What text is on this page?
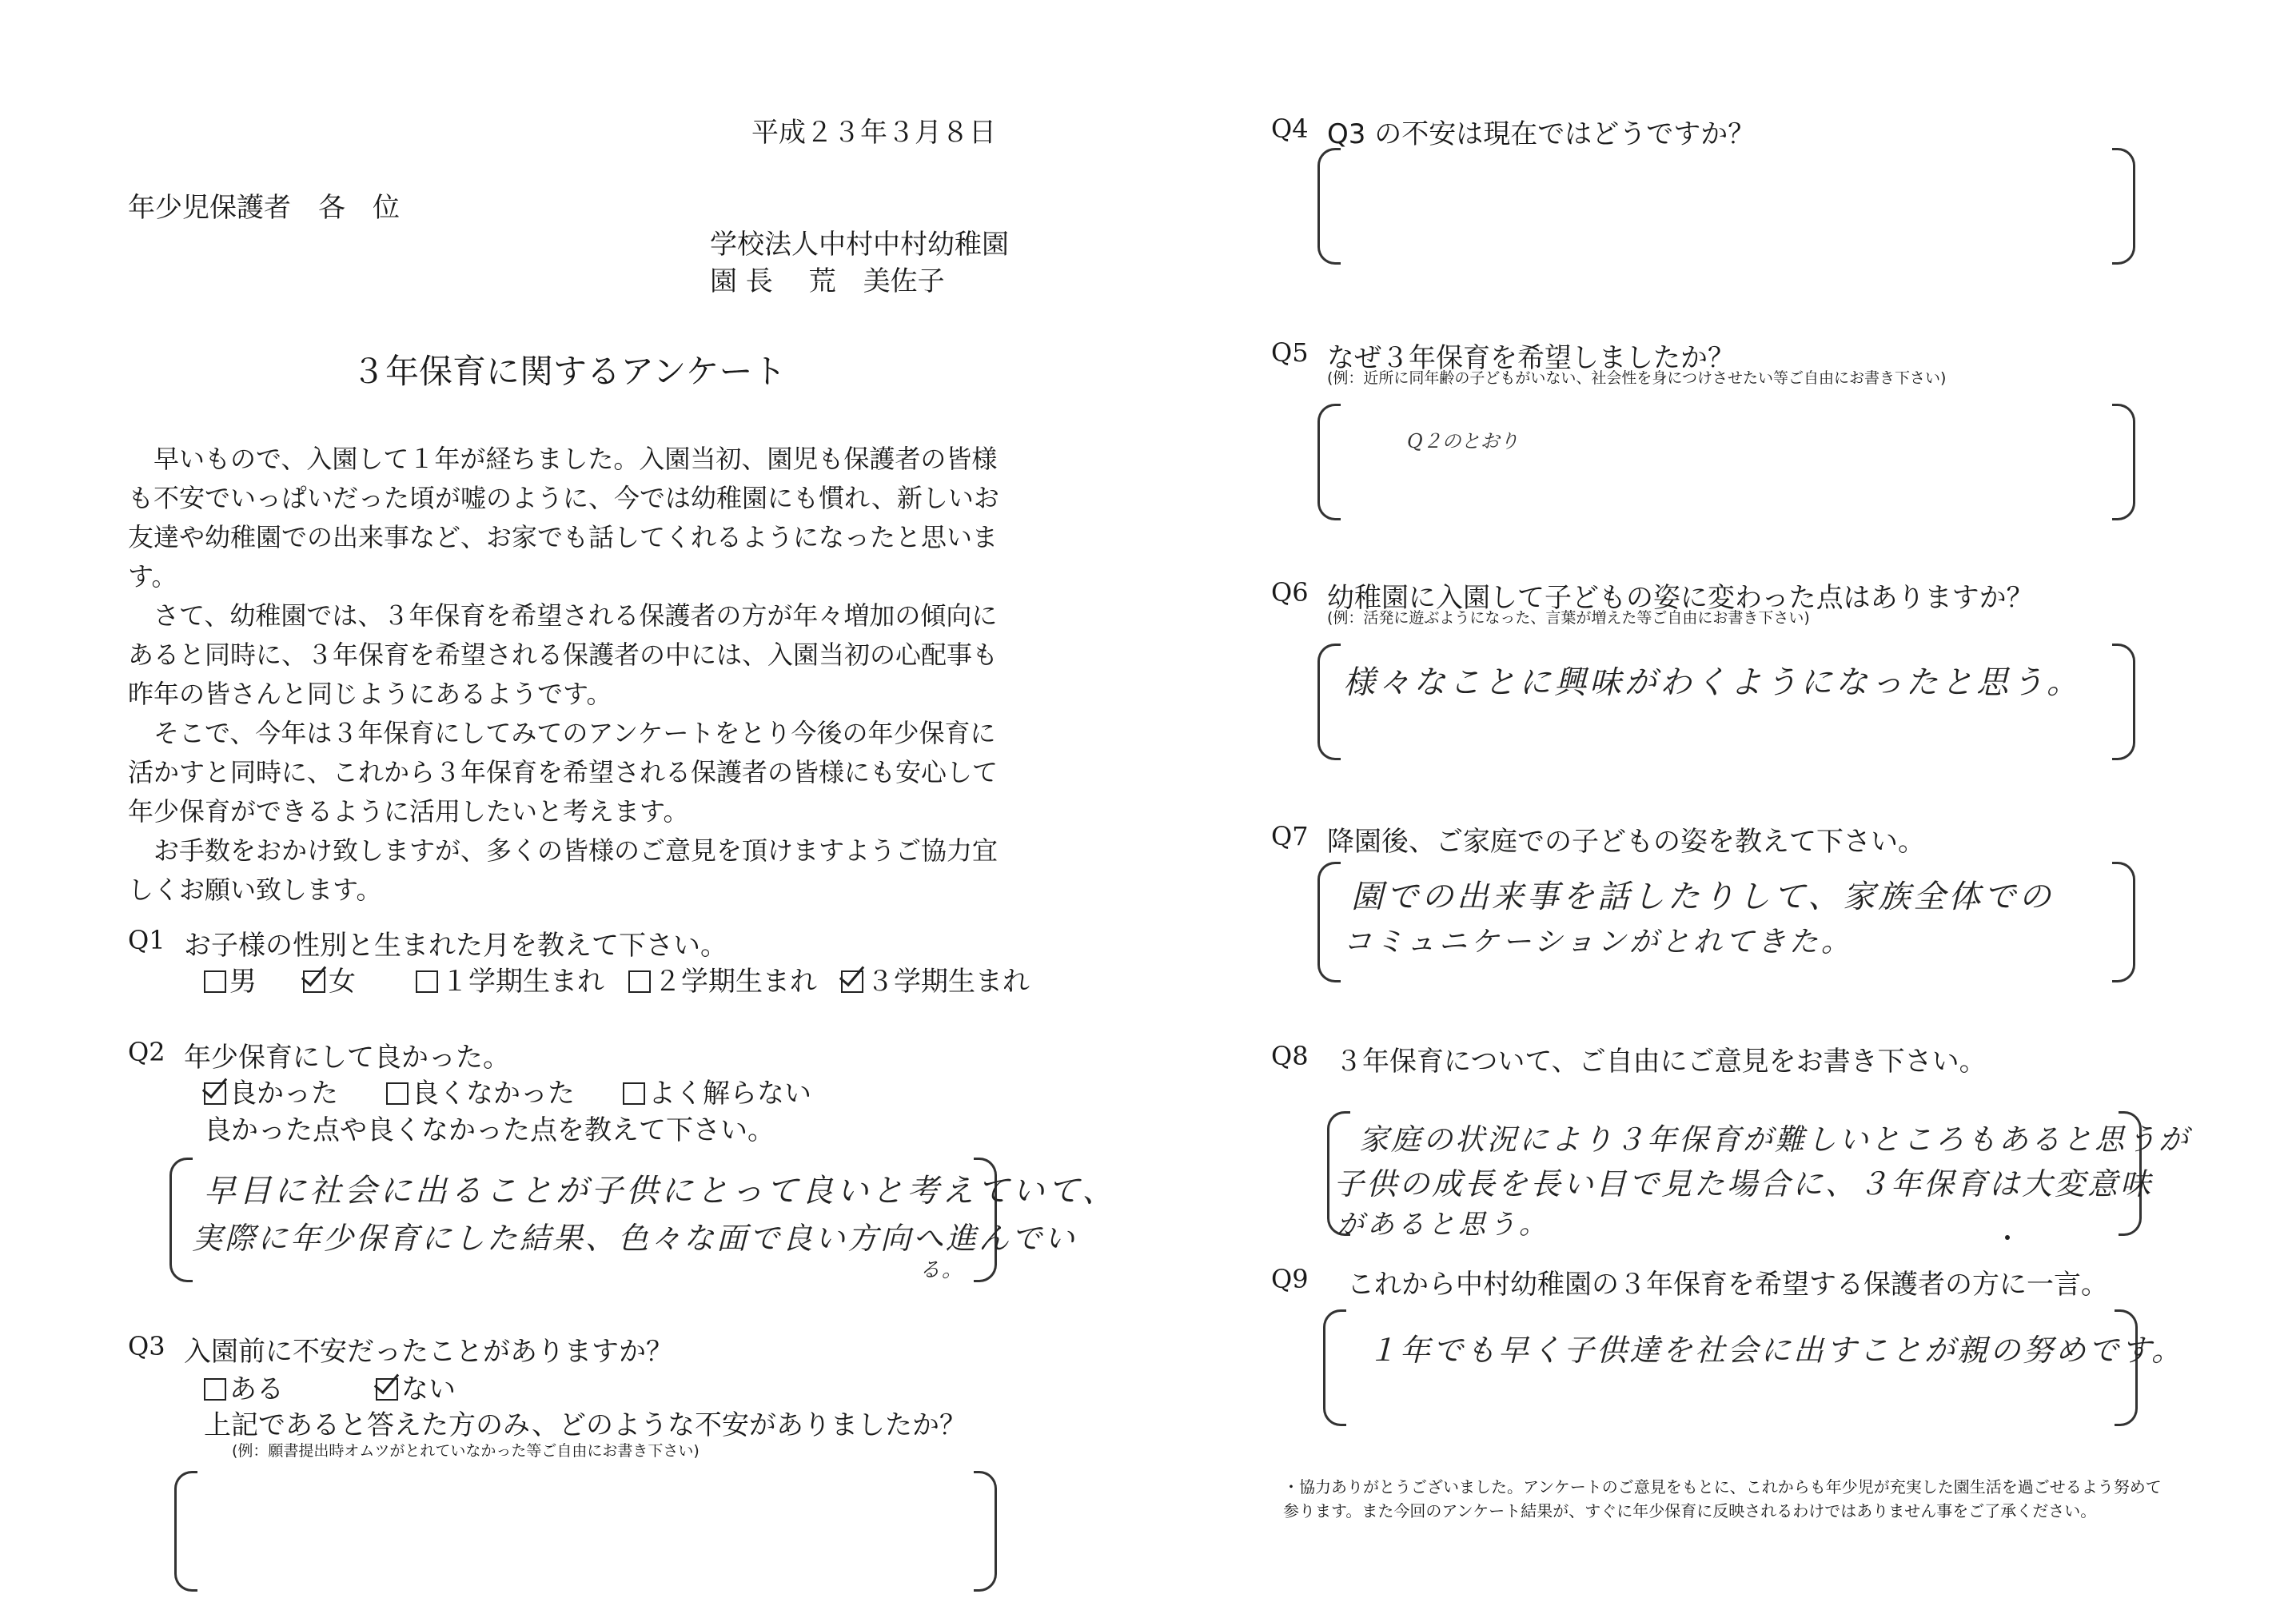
平成２３年３月８日
年少児保護者　各　位
学校法人中村中村幼稚園
園 長　 荒　美佐子
３年保育に関するアンケート

　早いもので、入園して１年が経ちました。入園当初、園児も保護者の皆様も不安でいっぱいだった頃が嘘のように、今では幼稚園にも慣れ、新しいお友達や幼稚園での出来事など、お家でも話してくれるようになったと思います。

　さて、幼稚園では、３年保育を希望される保護者の方が年々増加の傾向にあると同時に、３年保育を希望される保護者の中には、入園当初の心配事も昨年の皆さんと同じようにあるようです。

　そこで、今年は３年保育にしてみてのアンケートをとり今後の年少保育に活かすと同時に、これから３年保育を希望される保護者の皆様にも安心して年少保育ができるように活用したいと考えます。

　お手数をおかけ致しますが、多くの皆様のご意見を頂けますようご協力宜しくお願い致します。

Q1 お子様の性別と生まれた月を教えて下さい。
男	女	１学期生まれ ２学期生まれ ３学期生まれ
Q2 年少保育にして良かった。
良かった	良くなかった	よく解らない
良かった点や良くなかった点を教えて下さい。
早目に社会に出ることが子供にとって良いと考えていて、
実際に年少保育にした結果、色々な面で良い方向へ進んでい
る。
Q3 入園前に不安だったことがありますか？
ある	ない
上記であると答えた方のみ、どのような不安がありましたか？
(例：願書提出時オムツがとれていなかった等ご自由にお書き下さい)
Q4 Q3 の不安は現在ではどうですか？
Q5 なぜ３年保育を希望しましたか？
(例：近所に同年齢の子どもがいない、社会性を身につけさせたい等ご自由にお書き下さい)
Q２のとおり
Q6 幼稚園に入園して子どもの姿に変わった点はありますか？
(例：活発に遊ぶようになった、言葉が増えた等ご自由にお書き下さい)
様々なことに興味がわくようになったと思う。
Q7 降園後、ご家庭での子どもの姿を教えて下さい。
園での出来事を話したりして、家族全体での
コミュニケーションがとれてきた。
Q8 ３年保育について、ご自由にご意見をお書き下さい。
家庭の状況により３年保育が難しいところもあると思うが
子供の成長を長い目で見た場合に、３年保育は大変意味
があると思う。
Q9 これから中村幼稚園の３年保育を希望する保護者の方に一言。
１年でも早く子供達を社会に出すことが親の努めです。

・協力ありがとうございました。アンケートのご意見をもとに、これからも年少児が充実した園生活を過ごせるよう努めて参ります。また今回のアンケート結果が、すぐに年少保育に反映されるわけではありません事をご了承ください。
